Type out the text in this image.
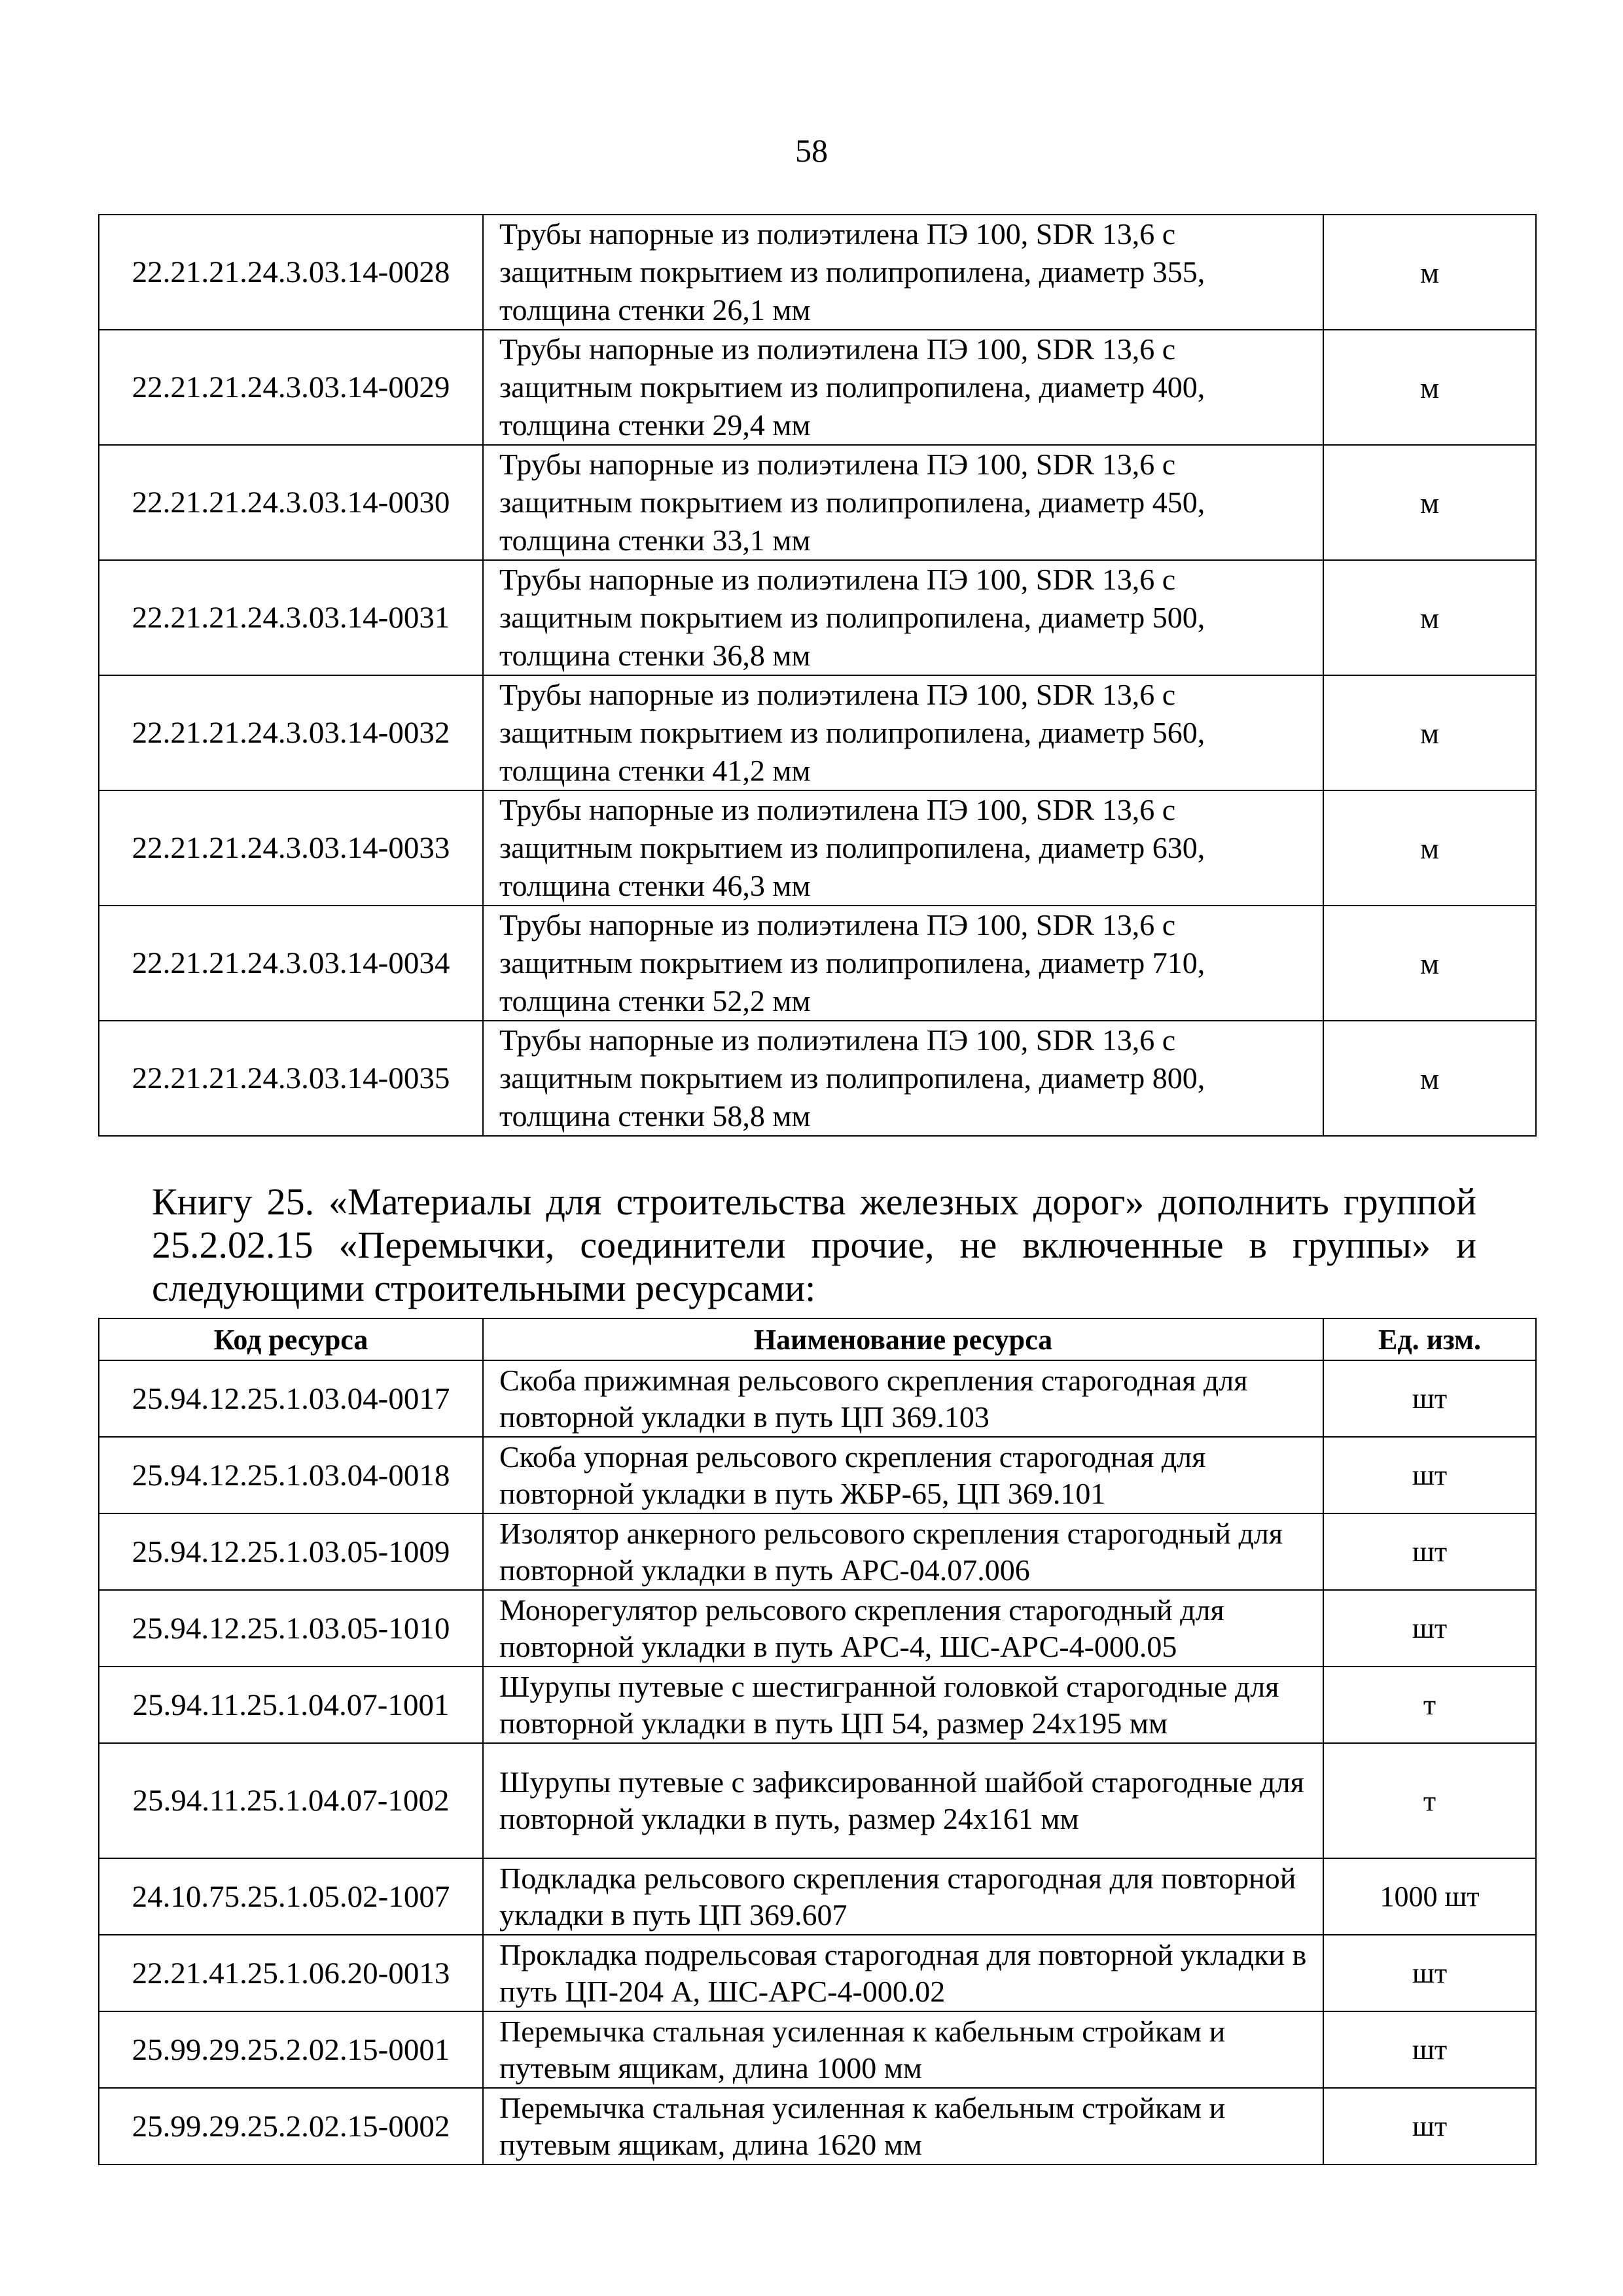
58
22.21.21.24.3.03.14-0028	Трубы напорные из полиэтилена ПЭ 100, SDR 13,6 с защитным покрытием из полипропилена, диаметр 355, толщина стенки 26,1 мм	м
22.21.21.24.3.03.14-0029	Трубы напорные из полиэтилена ПЭ 100, SDR 13,6 с защитным покрытием из полипропилена, диаметр 400, толщина стенки 29,4 мм	м
22.21.21.24.3.03.14-0030	Трубы напорные из полиэтилена ПЭ 100, SDR 13,6 с защитным покрытием из полипропилена, диаметр 450, толщина стенки 33,1 мм	м
22.21.21.24.3.03.14-0031	Трубы напорные из полиэтилена ПЭ 100, SDR 13,6 с защитным покрытием из полипропилена, диаметр 500, толщина стенки 36,8 мм	м
22.21.21.24.3.03.14-0032	Трубы напорные из полиэтилена ПЭ 100, SDR 13,6 с защитным покрытием из полипропилена, диаметр 560, толщина стенки 41,2 мм	м
22.21.21.24.3.03.14-0033	Трубы напорные из полиэтилена ПЭ 100, SDR 13,6 с защитным покрытием из полипропилена, диаметр 630, толщина стенки 46,3 мм	м
22.21.21.24.3.03.14-0034	Трубы напорные из полиэтилена ПЭ 100, SDR 13,6 с защитным покрытием из полипропилена, диаметр 710, толщина стенки 52,2 мм	м
22.21.21.24.3.03.14-0035	Трубы напорные из полиэтилена ПЭ 100, SDR 13,6 с защитным покрытием из полипропилена, диаметр 800, толщина стенки 58,8 мм	м
Книгу 25. «Материалы для строительства железных дорог» дополнить группой 25.2.02.15 «Перемычки, соединители прочие, не включенные в группы» и следующими строительными ресурсами:
Код ресурса	Наименование ресурса	Ед. изм.
25.94.12.25.1.03.04-0017	Скоба прижимная рельсового скрепления старогодная для повторной укладки в путь ЦП 369.103	шт
25.94.12.25.1.03.04-0018	Скоба упорная рельсового скрепления старогодная для повторной укладки в путь ЖБР-65, ЦП 369.101	шт
25.94.12.25.1.03.05-1009	Изолятор анкерного рельсового скрепления старогодный для повторной укладки в путь АРС-04.07.006	шт
25.94.12.25.1.03.05-1010	Монорегулятор рельсового скрепления старогодный для повторной укладки в путь АРС-4, ШС-АРС-4-000.05	шт
25.94.11.25.1.04.07-1001	Шурупы путевые с шестигранной головкой старогодные для повторной укладки в путь ЦП 54, размер 24х195 мм	т
25.94.11.25.1.04.07-1002	Шурупы путевые с зафиксированной шайбой старогодные для повторной укладки в путь, размер 24х161 мм	т
24.10.75.25.1.05.02-1007	Подкладка рельсового скрепления старогодная для повторной укладки в путь ЦП 369.607	1000 шт
22.21.41.25.1.06.20-0013	Прокладка подрельсовая старогодная для повторной укладки в путь ЦП-204 А, ШС-АРС-4-000.02	шт
25.99.29.25.2.02.15-0001	Перемычка стальная усиленная к кабельным стройкам и путевым ящикам, длина 1000 мм	шт
25.99.29.25.2.02.15-0002	Перемычка стальная усиленная к кабельным стройкам и путевым ящикам, длина 1620 мм	шт
